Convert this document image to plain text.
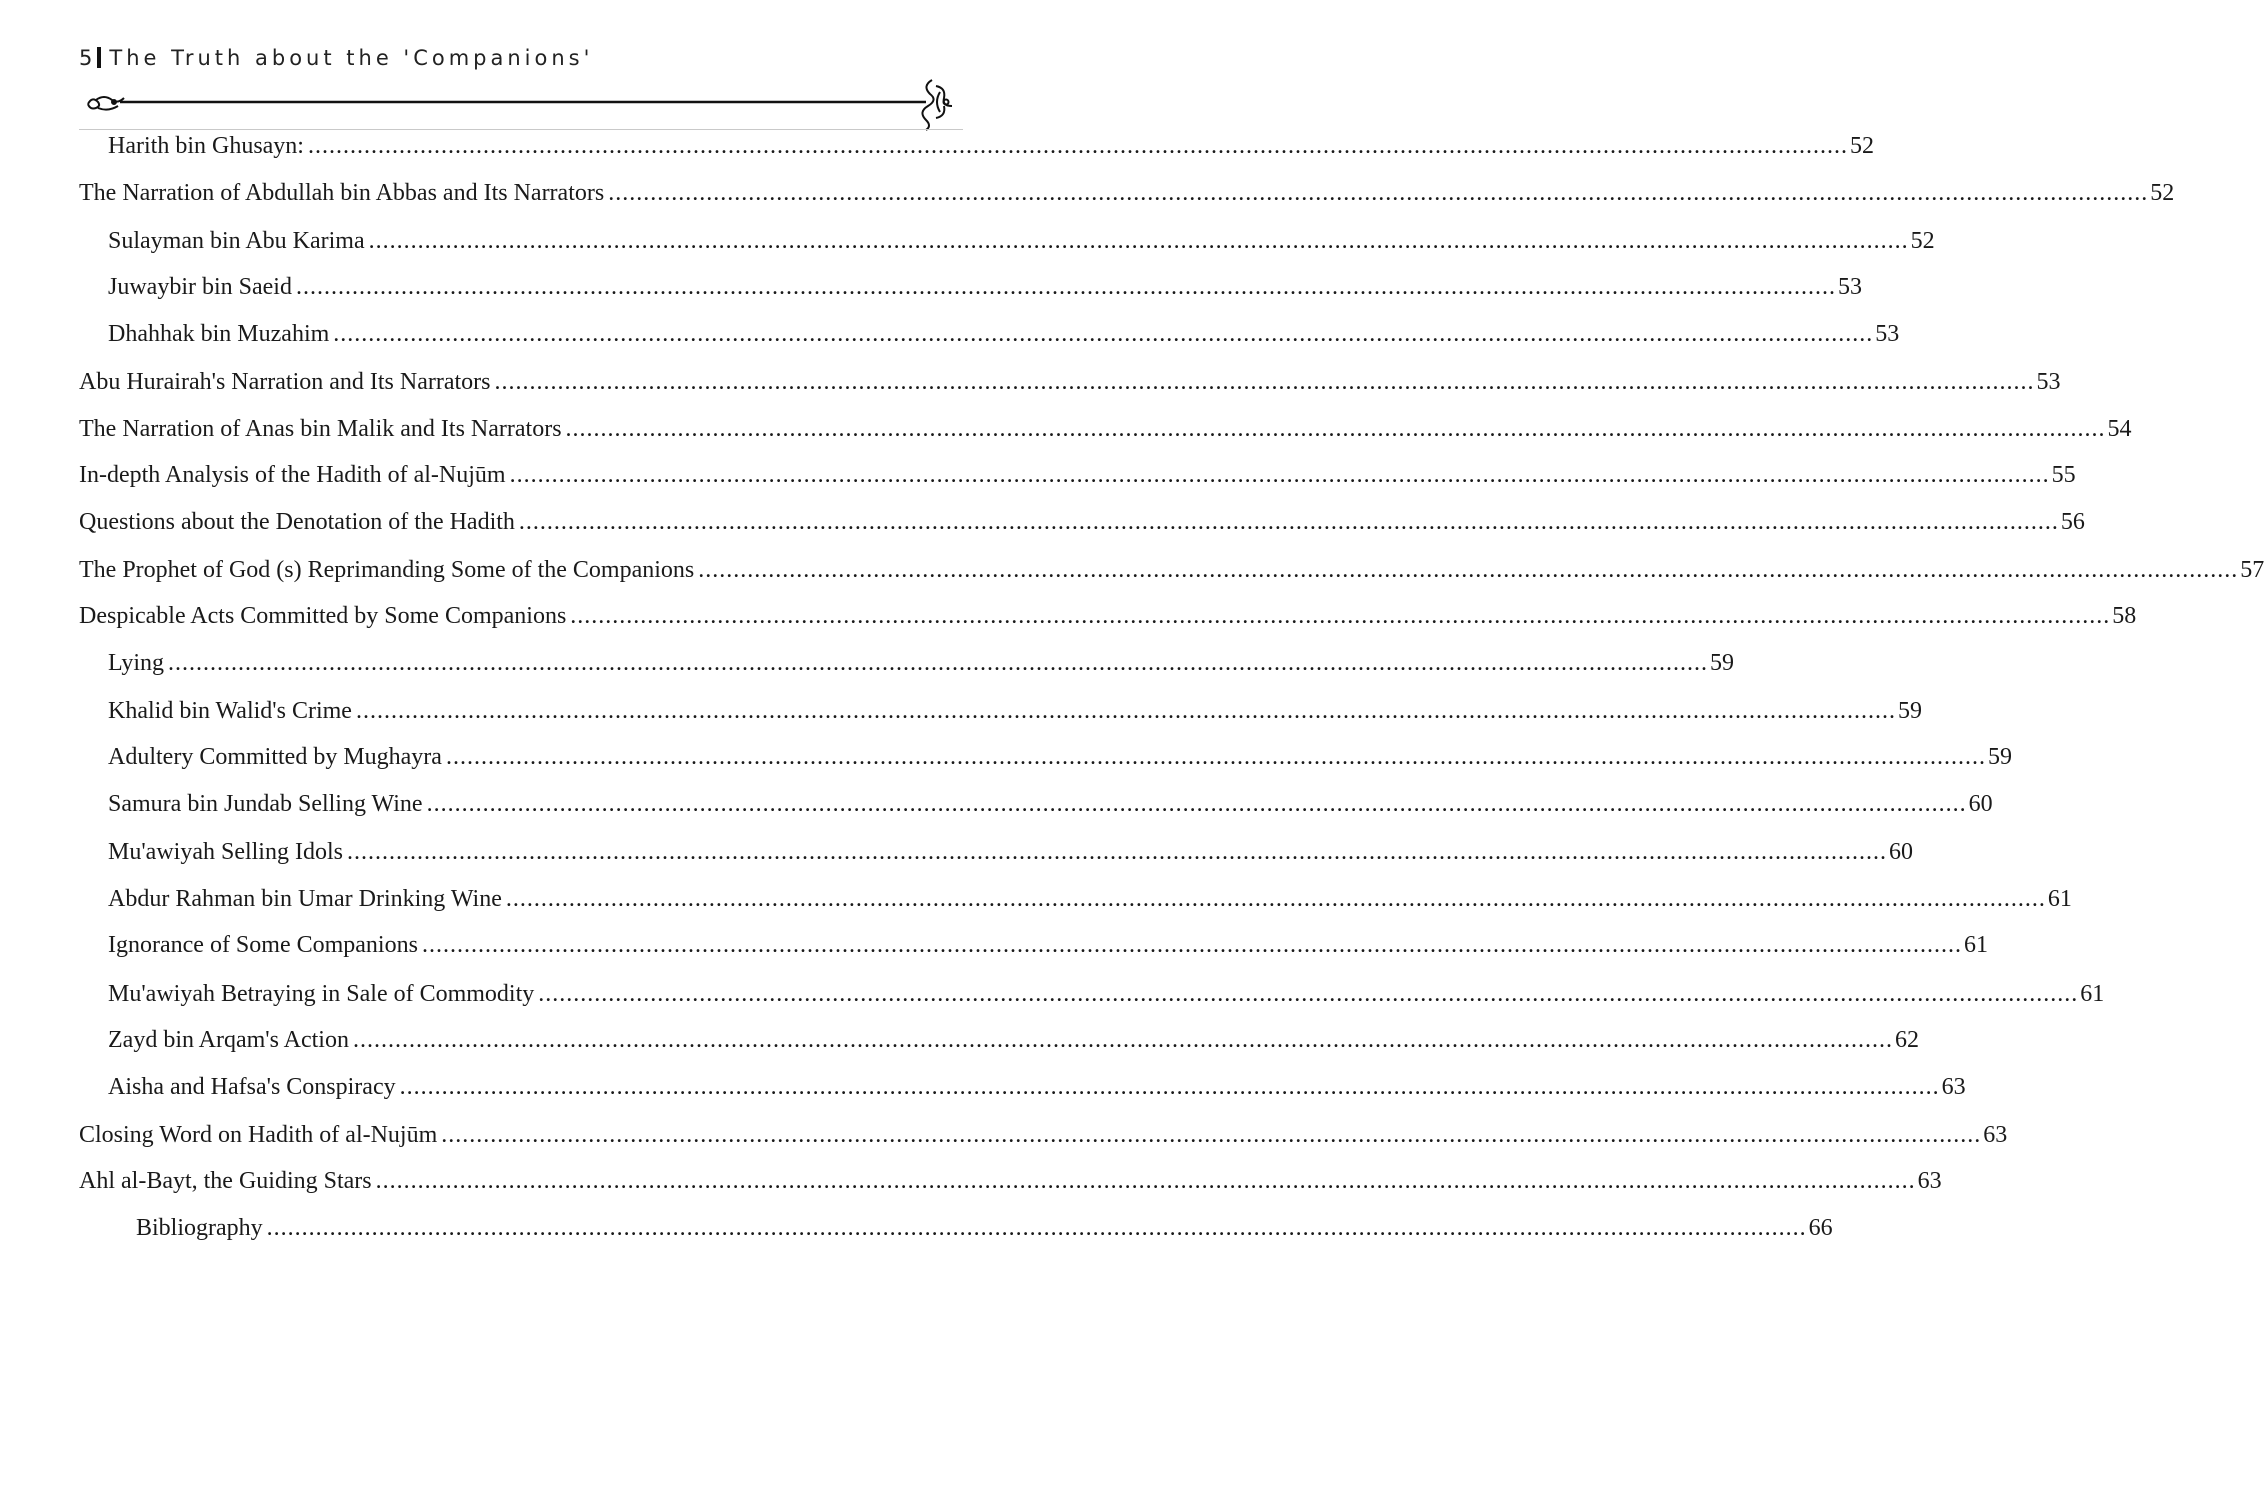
5 The Truth about the 'Companions'
Harith bin Ghusayn: ............................................................................................................................................................................................................................ 52
The Narration of Abdullah bin Abbas and Its Narrators ............................................................................................................................................................................................................................ 52
Sulayman bin Abu Karima ............................................................................................................................................................................................................................ 52
Juwaybir bin Saeid ............................................................................................................................................................................................................................ 53
Dhahhak bin Muzahim ............................................................................................................................................................................................................................ 53
Abu Hurairah's Narration and Its Narrators ............................................................................................................................................................................................................................ 53
The Narration of Anas bin Malik and Its Narrators ............................................................................................................................................................................................................................ 54
In-depth Analysis of the Hadith of al-Nujūm ............................................................................................................................................................................................................................ 55
Questions about the Denotation of the Hadith ............................................................................................................................................................................................................................ 56
The Prophet of God (s) Reprimanding Some of the Companions ............................................................................................................................................................................................................................ 57
Despicable Acts Committed by Some Companions ............................................................................................................................................................................................................................ 58
Lying ............................................................................................................................................................................................................................ 59
Khalid bin Walid's Crime ............................................................................................................................................................................................................................ 59
Adultery Committed by Mughayra ............................................................................................................................................................................................................................ 59
Samura bin Jundab Selling Wine ............................................................................................................................................................................................................................ 60
Mu'awiyah Selling Idols ............................................................................................................................................................................................................................ 60
Abdur Rahman bin Umar Drinking Wine ............................................................................................................................................................................................................................ 61
Ignorance of Some Companions ............................................................................................................................................................................................................................ 61
Mu'awiyah Betraying in Sale of Commodity ............................................................................................................................................................................................................................ 61
Zayd bin Arqam's Action ............................................................................................................................................................................................................................ 62
Aisha and Hafsa's Conspiracy ............................................................................................................................................................................................................................ 63
Closing Word on Hadith of al-Nujūm ............................................................................................................................................................................................................................ 63
Ahl al-Bayt, the Guiding Stars ............................................................................................................................................................................................................................ 63
Bibliography ............................................................................................................................................................................................................................ 66
